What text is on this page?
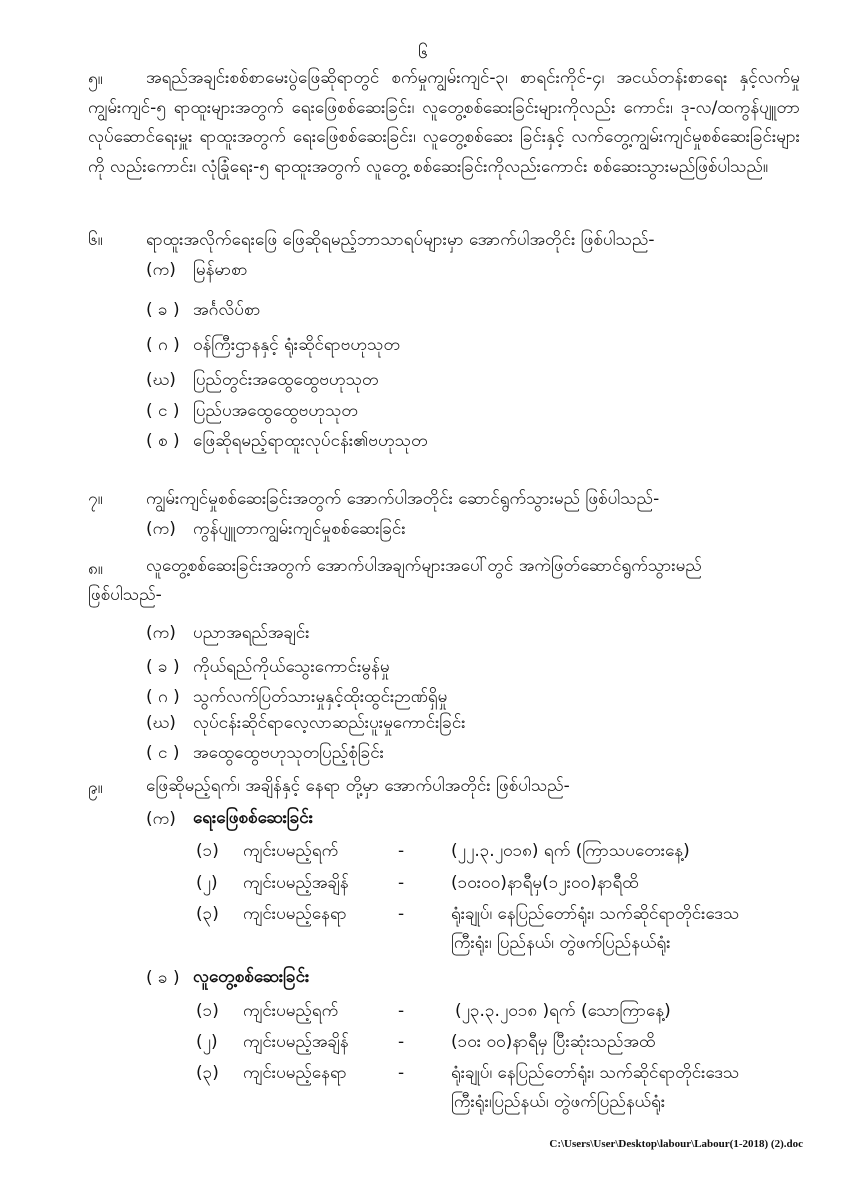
၆
၅။	အရည်အချင်းစစ်စာမေးပွဲဖြေဆိုရာတွင် စက်မှုကျွမ်းကျင်-၃၊ စာရင်းကိုင်-၄၊ အငယ်တန်းစာရေး နှင့်လက်မှုကျွမ်းကျင်-၅ ရာထူးများအတွက် ရေးဖြေစစ်ဆေးခြင်း၊ လူတွေ့စစ်ဆေးခြင်းများကိုလည်း ကောင်း၊ ဒု-လ/ထကွန်ပျူတာလုပ်ဆောင်ရေးမှူး ရာထူးအတွက် ရေးဖြေစစ်ဆေးခြင်း၊ လူတွေ့စစ်ဆေး ခြင်းနှင့် လက်တွေ့ကျွမ်းကျင်မှုစစ်ဆေးခြင်းများကို လည်းကောင်း၊ လုံခြုံရေး-၅ ရာထူးအတွက် လူတွေ့ စစ်ဆေးခြင်းကိုလည်းကောင်း စစ်ဆေးသွားမည်ဖြစ်ပါသည်။
၆။	ရာထူးအလိုက်ရေးဖြေ ဖြေဆိုရမည့်ဘာသာရပ်များမှာ အောက်ပါအတိုင်း ဖြစ်ပါသည်-
(က) မြန်မာစာ
( ခ ) အင်္ဂလိပ်စာ
( ဂ ) ဝန်ကြီးဌာနနှင့် ရုံးဆိုင်ရာဗဟုသုတ
(ဃ) ပြည်တွင်းအထွေထွေဗဟုသုတ
( င ) ပြည်ပအထွေထွေဗဟုသုတ
( စ ) ဖြေဆိုရမည့်ရာထူးလုပ်ငန်း၏ဗဟုသုတ
၇။	ကျွမ်းကျင်မှုစစ်ဆေးခြင်းအတွက် အောက်ပါအတိုင်း ဆောင်ရွက်သွားမည် ဖြစ်ပါသည်-
(က) ကွန်ပျူတာကျွမ်းကျင်မှုစစ်ဆေးခြင်း
၈။	လူတွေ့စစ်ဆေးခြင်းအတွက် အောက်ပါအချက်များအပေါ်တွင် အကဲဖြတ်ဆောင်ရွက်သွားမည်
ဖြစ်ပါသည်-
(က) ပညာအရည်အချင်း
( ခ ) ကိုယ်ရည်ကိုယ်သွေးကောင်းမွန်မှု
( ဂ ) သွက်လက်ပြတ်သားမှုနှင့်ထိုးထွင်းဉာဏ်ရှိမှု
(ဃ) လုပ်ငန်းဆိုင်ရာလေ့လာဆည်းပူးမှုကောင်းခြင်း
( င ) အထွေထွေဗဟုသုတပြည့်စုံခြင်း
၉။	ဖြေဆိုမည့်ရက်၊ အချိန်နှင့် နေရာ တို့မှာ အောက်ပါအတိုင်း ဖြစ်ပါသည်-
(က) ရေးဖြေစစ်ဆေးခြင်း
(၁) ကျင်းပမည့်ရက်	-	(၂၂.၃.၂၀၁၈) ရက် (ကြာသပတေးနေ့)
(၂) ကျင်းပမည့်အချိန်	-	(၁၀း၀၀)နာရီမှ(၁၂း၀၀)နာရီထိ
(၃) ကျင်းပမည့်နေရာ	-	ရုံးချုပ်၊ နေပြည်တော်ရုံး၊ သက်ဆိုင်ရာတိုင်းဒေသ
ကြီးရုံး၊ ပြည်နယ်၊ တွဲဖက်ပြည်နယ်ရုံး
( ခ ) လူတွေ့စစ်ဆေးခြင်း
(၁) ကျင်းပမည့်ရက်	-	(၂၃.၃.၂၀၁၈ )ရက် (သောကြာနေ့)
(၂) ကျင်းပမည့်အချိန်	-	(၁၀း ၀၀)နာရီမှ ပြီးဆုံးသည်အထိ
(၃) ကျင်းပမည့်နေရာ	-	ရုံးချုပ်၊ နေပြည်တော်ရုံး၊ သက်ဆိုင်ရာတိုင်းဒေသ
ကြီးရုံး၊ပြည်နယ်၊ တွဲဖက်ပြည်နယ်ရုံး
C:\Users\User\Desktop\labour\Labour(1-2018) (2).doc
